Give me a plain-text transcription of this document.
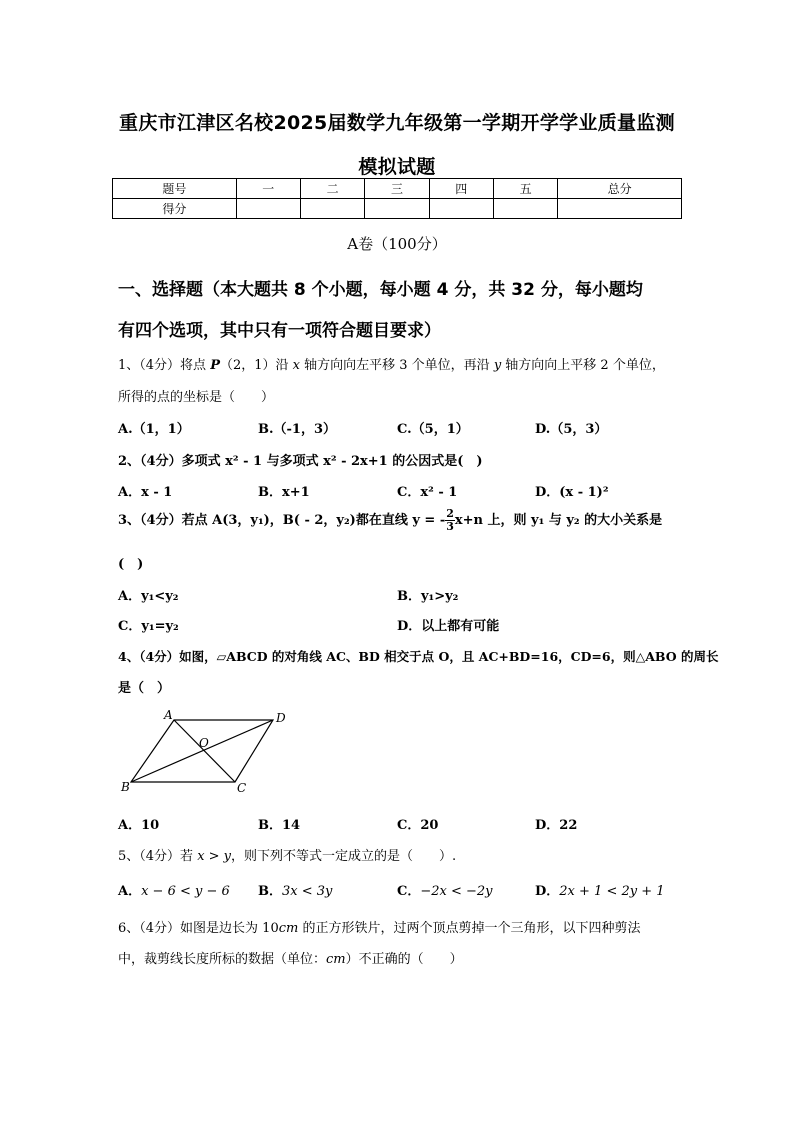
重庆市江津区名校2025届数学九年级第一学期开学学业质量监测
模拟试题
题号	一	二	三	四	五	总分
得分						
A卷（100分）
一、选择题（本大题共 8 个小题，每小题 4 分，共 32 分，每小题均
有四个选项，其中只有一项符合题目要求）
1、（4分）将点 P（2，1）沿 x 轴方向向左平移 3 个单位，再沿 y 轴方向向上平移 2 个单位，
所得的点的坐标是（　　）
A.（1，1）	B.（-1，3）	C.（5，1）	D.（5，3）
2、（4分）多项式 x² - 1 与多项式 x² - 2x+1 的公因式是(　)
A．x - 1	B．x+1	C．x² - 1	D．(x - 1)²
3、（4分）若点 A(3，y₁)，B( - 2，y₂)都在直线 y = - $\frac{2}{3} x+n$ 上，则 y₁ 与 y₂ 的大小关系是
(　)
A．y₁<y₂	B．y₁>y₂
C．y₁=y₂	D．以上都有可能
4、（4分）如图，▱ABCD 的对角线 AC、BD 相交于点 O，且 AC+BD=16，CD=6，则△ABO 的周长
是（　）
A	D
B	C
O
A．10	B．14	C．20	D．22
5、（4分）若 x > y，则下列不等式一定成立的是（　　）.
A．x − 6 < y − 6 B．3x < 3y	C．−2x < −2y	D．2x + 1 < 2y + 1
6、（4分）如图是边长为 10cm 的正方形铁片，过两个顶点剪掉一个三角形，以下四种剪法
中，裁剪线长度所标的数据（单位：cm）不正确的（　　）
